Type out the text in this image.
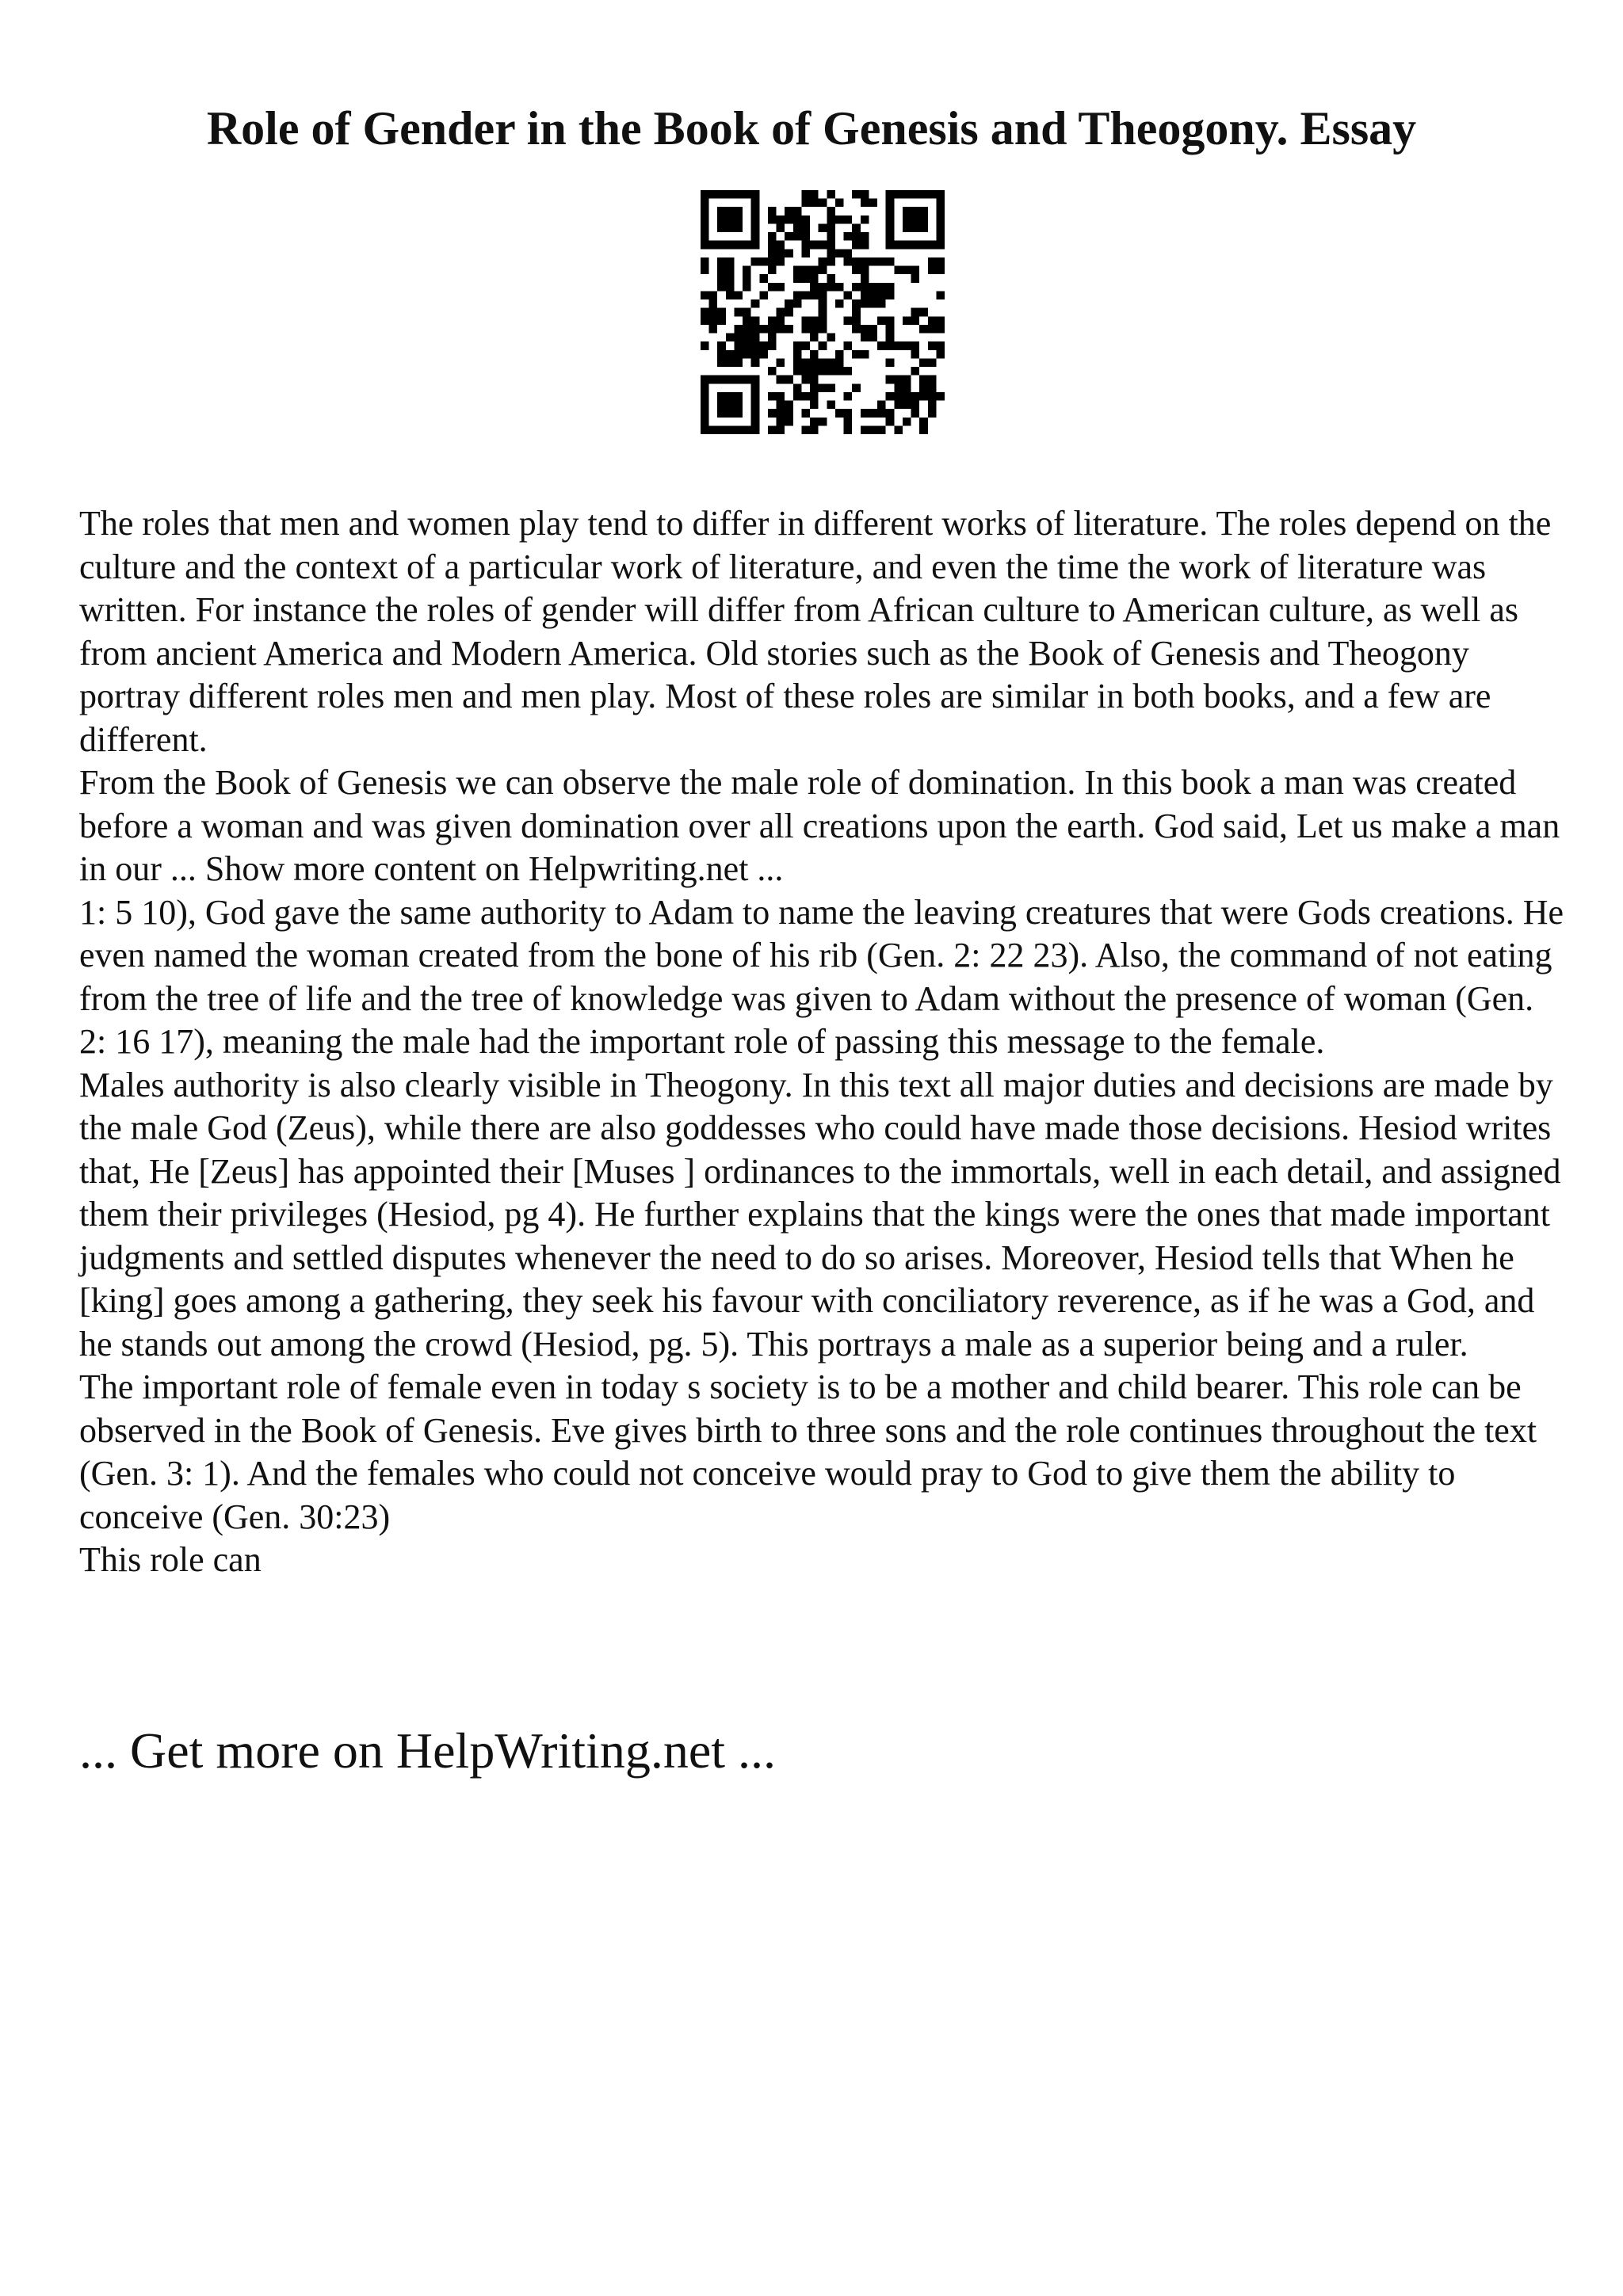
Role of Gender in the Book of Genesis and Theogony. Essay

The roles that men and women play tend to differ in different works of literature. The roles depend on the culture and the context of a particular work of literature, and even the time the work of literature was written. For instance the roles of gender will differ from African culture to American culture, as well as from ancient America and Modern America. Old stories such as the Book of Genesis and Theogony portray different roles men and men play. Most of these roles are similar in both books, and a few are different.

From the Book of Genesis we can observe the male role of domination. In this book a man was created before a woman and was given domination over all creations upon the earth. God said, Let us make a man in our ... Show more content on Helpwriting.net ...

1: 5 10), God gave the same authority to Adam to name the leaving creatures that were Gods creations. He even named the woman created from the bone of his rib (Gen. 2: 22 23). Also, the command of not eating from the tree of life and the tree of knowledge was given to Adam without the presence of woman (Gen. 2: 16 17), meaning the male had the important role of passing this message to the female.

Males authority is also clearly visible in Theogony. In this text all major duties and decisions are made by the male God (Zeus), while there are also goddesses who could have made those decisions. Hesiod writes that, He [Zeus] has appointed their [Muses ] ordinances to the immortals, well in each detail, and assigned them their privileges (Hesiod, pg 4). He further explains that the kings were the ones that made important judgments and settled disputes whenever the need to do so arises. Moreover, Hesiod tells that When he [king] goes among a gathering, they seek his favour with conciliatory reverence, as if he was a God, and he stands out among the crowd (Hesiod, pg. 5). This portrays a male as a superior being and a ruler.

The important role of female even in today s society is to be a mother and child bearer. This role can be observed in the Book of Genesis. Eve gives birth to three sons and the role continues throughout the text (Gen. 3: 1). And the females who could not conceive would pray to God to give them the ability to conceive (Gen. 30:23)

This role can

... Get more on HelpWriting.net ...
